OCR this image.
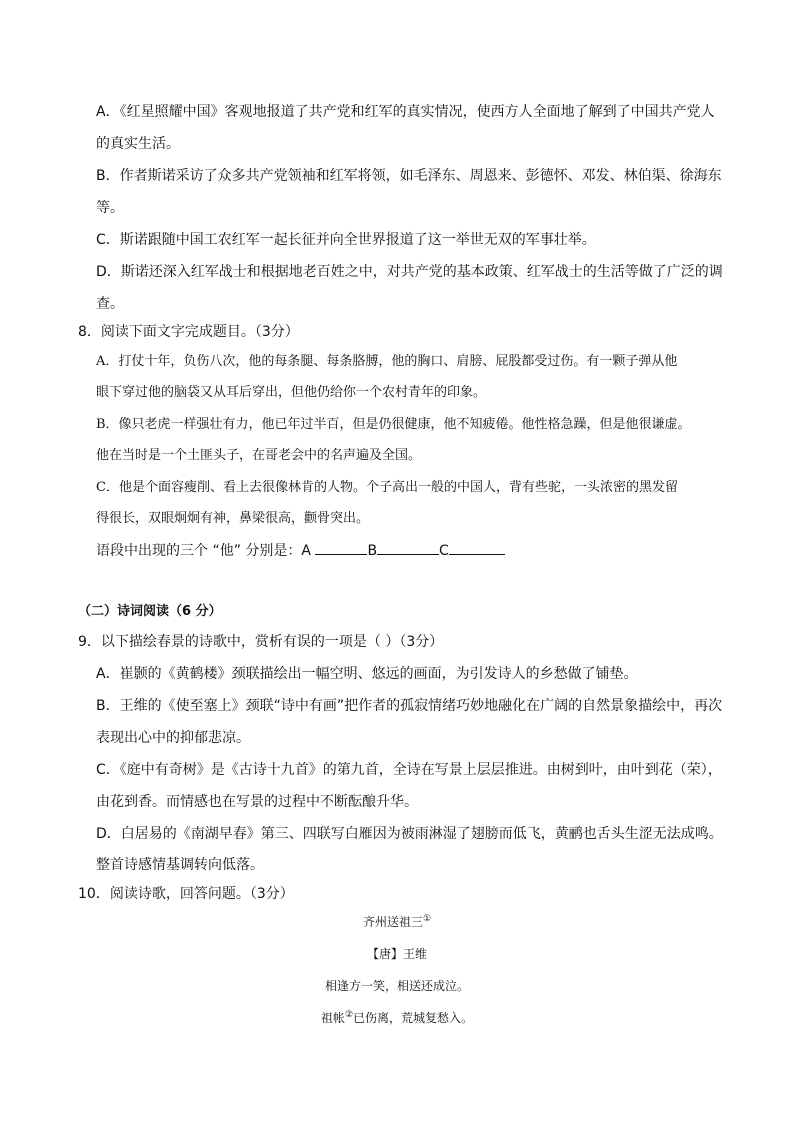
A．《红星照耀中国》客观地报道了共产党和红军的真实情况，使西方人全面地了解到了中国共产党人
的真实生活。
B．作者斯诺采访了众多共产党领袖和红军将领，如毛泽东、周恩来、彭德怀、邓发、林伯渠、徐海东
等。
C．斯诺跟随中国工农红军一起长征并向全世界报道了这一举世无双的军事壮举。
D．斯诺还深入红军战士和根据地老百姓之中，对共产党的基本政策、红军战士的生活等做了广泛的调
查。
8．阅读下面文字完成题目。（3分）
A．打仗十年，负伤八次，他的每条腿、每条胳膊，他的胸口、肩膀、屁股都受过伤。有一颗子弹从他
眼下穿过他的脑袋又从耳后穿出，但他仍给你一个农村青年的印象。
B．像只老虎一样强壮有力，他已年过半百，但是仍很健康，他不知疲倦。他性格急躁，但是他很谦虚。
他在当时是一个土匪头子，在哥老会中的名声遍及全国。
C．他是个面容瘦削、看上去很像林肯的人物。个子高出一般的中国人，背有些驼，一头浓密的黑发留
得很长，双眼炯炯有神，鼻梁很高，颧骨突出。
语段中出现的三个 “他” 分别是：A	B	C
（二）诗词阅读（6 分）
9．以下描绘春景的诗歌中，赏析有误的一项是（ ）（3分）
A．崔颢的《黄鹤楼》颈联描绘出一幅空明、悠远的画面，为引发诗人的乡愁做了铺垫。
B．王维的《使至塞上》颈联“诗中有画”把作者的孤寂情绪巧妙地融化在广阔的自然景象描绘中，再次
表现出心中的抑郁悲凉。
C．《庭中有奇树》是《古诗十九首》的第九首，全诗在写景上层层推进。由树到叶，由叶到花（荣），
由花到香。而情感也在写景的过程中不断酝酿升华。
D．白居易的《南湖早春》第三、四联写白雁因为被雨淋湿了翅膀而低飞，黄鹂也舌头生涩无法成鸣。
整首诗感情基调转向低落。
10．阅读诗歌，回答问题。（3分）
齐州送祖三①
【唐】王维
相逢方一笑，相送还成泣。
祖帐②已伤离，荒城复愁入。
